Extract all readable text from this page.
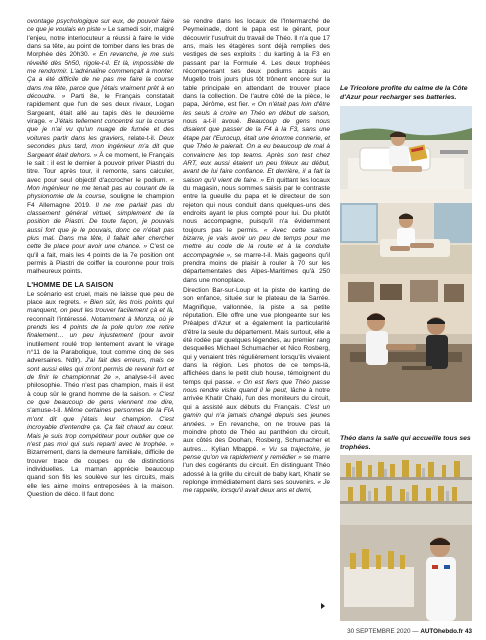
ovontage psychologique sur eux, de pouvoir faire ce que je voulais en piste » Le samedi soir, malgré l'enjeu, notre interlocuteur a réussi à faire le vide dans sa tête, au point de tomber dans les bras de Morphée dès 20h30. « En revanche, je me suis réveillé dès 5h50, rigole-t-il. Et là, impossible de me rendormir. L'adrénaline commençait à monter. Ça a été difficile de ne pas me faire la course dans ma tête, parce que j'étais vraiment prêt à en découdre. » Parti 8e, le Français constatait rapidement que l'un de ses deux rivaux, Logan Sargeant, était allé au tapis dès le deuxième virage. « J'étais tellement concentré sur la course que je n'ai vu qu'un nuage de fumée et des voitures partir dans les graviers, relate-t-il. Deux secondes plus tard, mon ingénieur m'a dit que Sargeant était dehors. » À ce moment, le Français le sait : il est le dernier à pouvoir priver Piastri du titre. Tour après tour, il remonte, sans calculer, avec pour seul objectif d'accrocher le podium. « Mon ingénieur ne me tenait pas au courant de la physionomie de la course, souligne le champion F4 Allemagne 2019. Il ne me parlait pas du classement général virtuel, simplement de la position de Piastri. De toute façon, je pouvais aussi fort que je le pouvais, donc ce n'était pas plus mal. Dans ma tête, il fallait aller chercher cette 3e place pour avoir une chance. » C'est ce qu'il a fait, mais les 4 points de la 7e position ont permis à Piastri de coiffer la couronne pour trois malheureux points.

L'HOMME DE LA SAISON

Le scénario est cruel, mais ne laisse que peu de place aux regrets. « Bien sûr, les trois points qui manquent, on peut les trouver facilement çà et là, reconnaît l'intéressé. Notamment à Monza, où je prends les 4 points de la pole qu'on me retire finalement… un peu injustement (pour avoir inutilement roulé trop lentement avant le virage n°11 de la Parabolique, tout comme cinq de ses adversaires. Ndlr). J'ai fait des erreurs, mais ce sont aussi elles qui m'ont permis de revenir fort et de finir le championnat 2e », analyse-t-il avec philosophie. Théo n'est pas champion, mais il est à coup sûr le grand homme de la saison. « C'est ce que beaucoup de gens viennent me dire, s'amuse-t-il. Même certaines personnes de la FIA m'ont dit que j'étais leur champion. C'est incroyable d'entendre ça. Ça fait chaud au cœur. Mais je suis trop compétiteur pour oublier que ce n'est pas moi qui suis reparti avec le trophée. » Bizarrement, dans la demeure familiale, difficile de trouver trace de coupes ou de distinctions individuelles. La maman apprécie beaucoup quand son fils les soulève sur les circuits, mais elle les aime moins entreposées à la maison. Question de déco. Il faut donc

se rendre dans les locaux de l'Intermarché de Peymeinade, dont le papa est le gérant, pour découvrir l'usufruit du travail de Théo. Il n'a que 17 ans, mais les étagères sont déjà remplies des vestiges de ses exploits : du karting à la F3 en passant par la Formule 4. Les deux trophées récompensant ses deux podiums acquis au Mugello trois jours plus tôt trônent encore sur la table principale en attendant de trouver place dans la collection. De l'autre côté de la pièce, le papa, Jérôme, est fier. « On n'était pas loin d'être les seuls à croire en Théo en début de saison, nous a-t-il avoué. Beaucoup de gens nous disaient que passer de la F4 à la F3, sans une étape par l'Eurocup, était une énorme connerie, et que Théo le paierait. On a eu beaucoup de mal à convaincre les top teams. Après son test chez ART, eux aussi étaient un peu frileux au début, avant de lui faire confiance. Et derrière, il a fait la saison qu'il vient de faire. » En quittant les locaux du magasin, nous sommes saisis par le contraste entre la gueulle du papa et le directeur de son rejeton qui nous conduit dans quelques-uns des endroits ayant le plus compté pour lui. Du plutôt nous accompagne, puisqu'il n'a évidemment toujours pas le permis. « Avec cette saison bizarre, je vais avoir un peu de temps pour me mettre au code de la route et à la conduite accompagnée », se marre-t-il. Mais gageons qu'il prendra moins de plaisir à rouler à 70 sur les départementales des Alpes-Maritimes qu'à 250 dans une monoplace.

Direction Bar-sur-Loup et la piste de karting de son enfance, située sur le plateau de la Sarrée. Magnifique, vallonnée, la piste a sa petite réputation. Elle offre une vue plongeante sur les Préalpes d'Azur et a également la particularité d'être la seule du département. Mais surtout, elle a été rodée par quelques légendes, au premier rang desquelles Michael Schumacher et Nico Rosberg, qui y venaient très régulièrement lorsqu'ils vivaient dans la région. Les photos de ce temps-là, affichées dans le petit club house, témoignent du temps qui passe. « On est fiers que Théo passe nous rendre visite quand il le peut, lâche à notre arrivée Khatir Chaki, l'un des moniteurs du circuit, qui a assisté aux débuts du Français. C'est un gamin qui n'a jamais changé depuis ses jeunes années. » En revanche, on ne trouve pas la moindre photo de Théo au panthéon du circuit, aux côtés des Doohan, Rosberg, Schumacher et autres… Kylian Mbappé. « Vu sa trajectoire, je pense qu'on va rapidement y remédier » se marre l'un des cogérants du circuit. En distinguant Théo adossé à la grille du circuit de baby kart, Khatir se replonge immédiatement dans ses souvenirs. « Je me rappelle, lorsqu'il avait deux ans et demi,

Le Tricolore profite du calme de la Côte d'Azur pour recharger ses batteries.
Théo dans la salle qui accueille tous ses trophées.
30 SEPTEMBRE 2020 — AUTOhebdo.fr 43
